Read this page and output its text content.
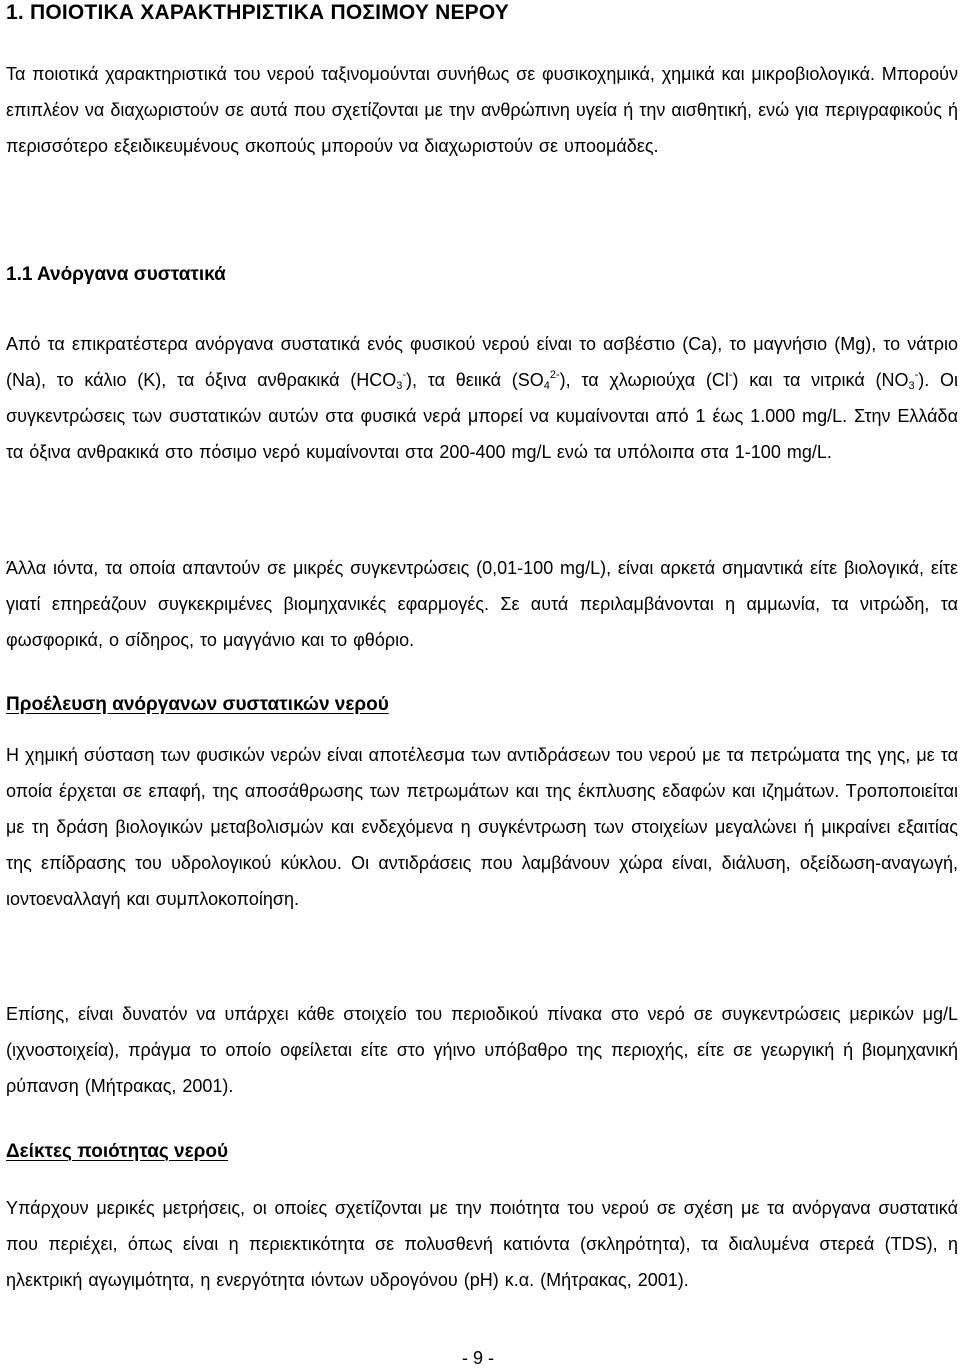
1. ΠΟΙΟΤΙΚΑ ΧΑΡΑΚΤΗΡΙΣΤΙΚΑ ΠΟΣΙΜΟΥ ΝΕΡΟΥ

Τα ποιοτικά χαρακτηριστικά του νερού ταξινομούνται συνήθως σε φυσικοχημικά, χημικά και μικροβιολογικά. Μπορούν επιπλέον να διαχωριστούν σε αυτά που σχετίζονται με την ανθρώπινη υγεία ή την αισθητική, ενώ για περιγραφικούς ή περισσότερο εξειδικευμένους σκοπούς μπορούν να διαχωριστούν σε υποομάδες.

1.1 Ανόργανα συστατικά

Από τα επικρατέστερα ανόργανα συστατικά ενός φυσικού νερού είναι το ασβέστιο (Ca), το μαγνήσιο (Mg), το νάτριο (Na), το κάλιο (K), τα όξινα ανθρακικά $(HCO_3^-)$, τα θειικά $(SO_4^{2-})$, τα χλωριούχα (Cl-) και τα νιτρικά $(NO_3^-)$. Οι συγκεντρώσεις των συστατικών αυτών στα φυσικά νερά μπορεί να κυμαίνονται από 1 έως 1.000 mg/L. Στην Ελλάδα τα όξινα ανθρακικά στο πόσιμο νερό κυμαίνονται στα 200-400 mg/L ενώ τα υπόλοιπα στα 1-100 mg/L.

Άλλα ιόντα, τα οποία απαντούν σε μικρές συγκεντρώσεις (0,01-100 mg/L), είναι αρκετά σημαντικά είτε βιολογικά, είτε γιατί επηρεάζουν συγκεκριμένες βιομηχανικές εφαρμογές. Σε αυτά περιλαμβάνονται η αμμωνία, τα νιτρώδη, τα φωσφορικά, ο σίδηρος, το μαγγάνιο και το φθόριο.

Προέλευση ανόργανων συστατικών νερού

Η χημική σύσταση των φυσικών νερών είναι αποτέλεσμα των αντιδράσεων του νερού με τα πετρώματα της γης, με τα οποία έρχεται σε επαφή, της αποσάθρωσης των πετρωμάτων και της έκπλυσης εδαφών και ιζημάτων. Τροποποιείται με τη δράση βιολογικών μεταβολισμών και ενδεχόμενα η συγκέντρωση των στοιχείων μεγαλώνει ή μικραίνει εξαιτίας της επίδρασης του υδρολογικού κύκλου. Οι αντιδράσεις που λαμβάνουν χώρα είναι, διάλυση, οξείδωση-αναγωγή, ιοντοεναλλαγή και συμπλοκοποίηση.

Επίσης, είναι δυνατόν να υπάρχει κάθε στοιχείο του περιοδικού πίνακα στο νερό σε συγκεντρώσεις μερικών μg/L (ιχνοστοιχεία), πράγμα το οποίο οφείλεται είτε στο γήινο υπόβαθρο της περιοχής, είτε σε γεωργική ή βιομηχανική ρύπανση (Μήτρακας, 2001).

Δείκτες ποιότητας νερού

Υπάρχουν μερικές μετρήσεις, οι οποίες σχετίζονται με την ποιότητα του νερού σε σχέση με τα ανόργανα συστατικά που περιέχει, όπως είναι η περιεκτικότητα σε πολυσθενή κατιόντα (σκληρότητα), τα διαλυμένα στερεά (TDS), η ηλεκτρική αγωγιμότητα, η ενεργότητα ιόντων υδρογόνου (pH) κ.α. (Μήτρακας, 2001).

- 9 -
